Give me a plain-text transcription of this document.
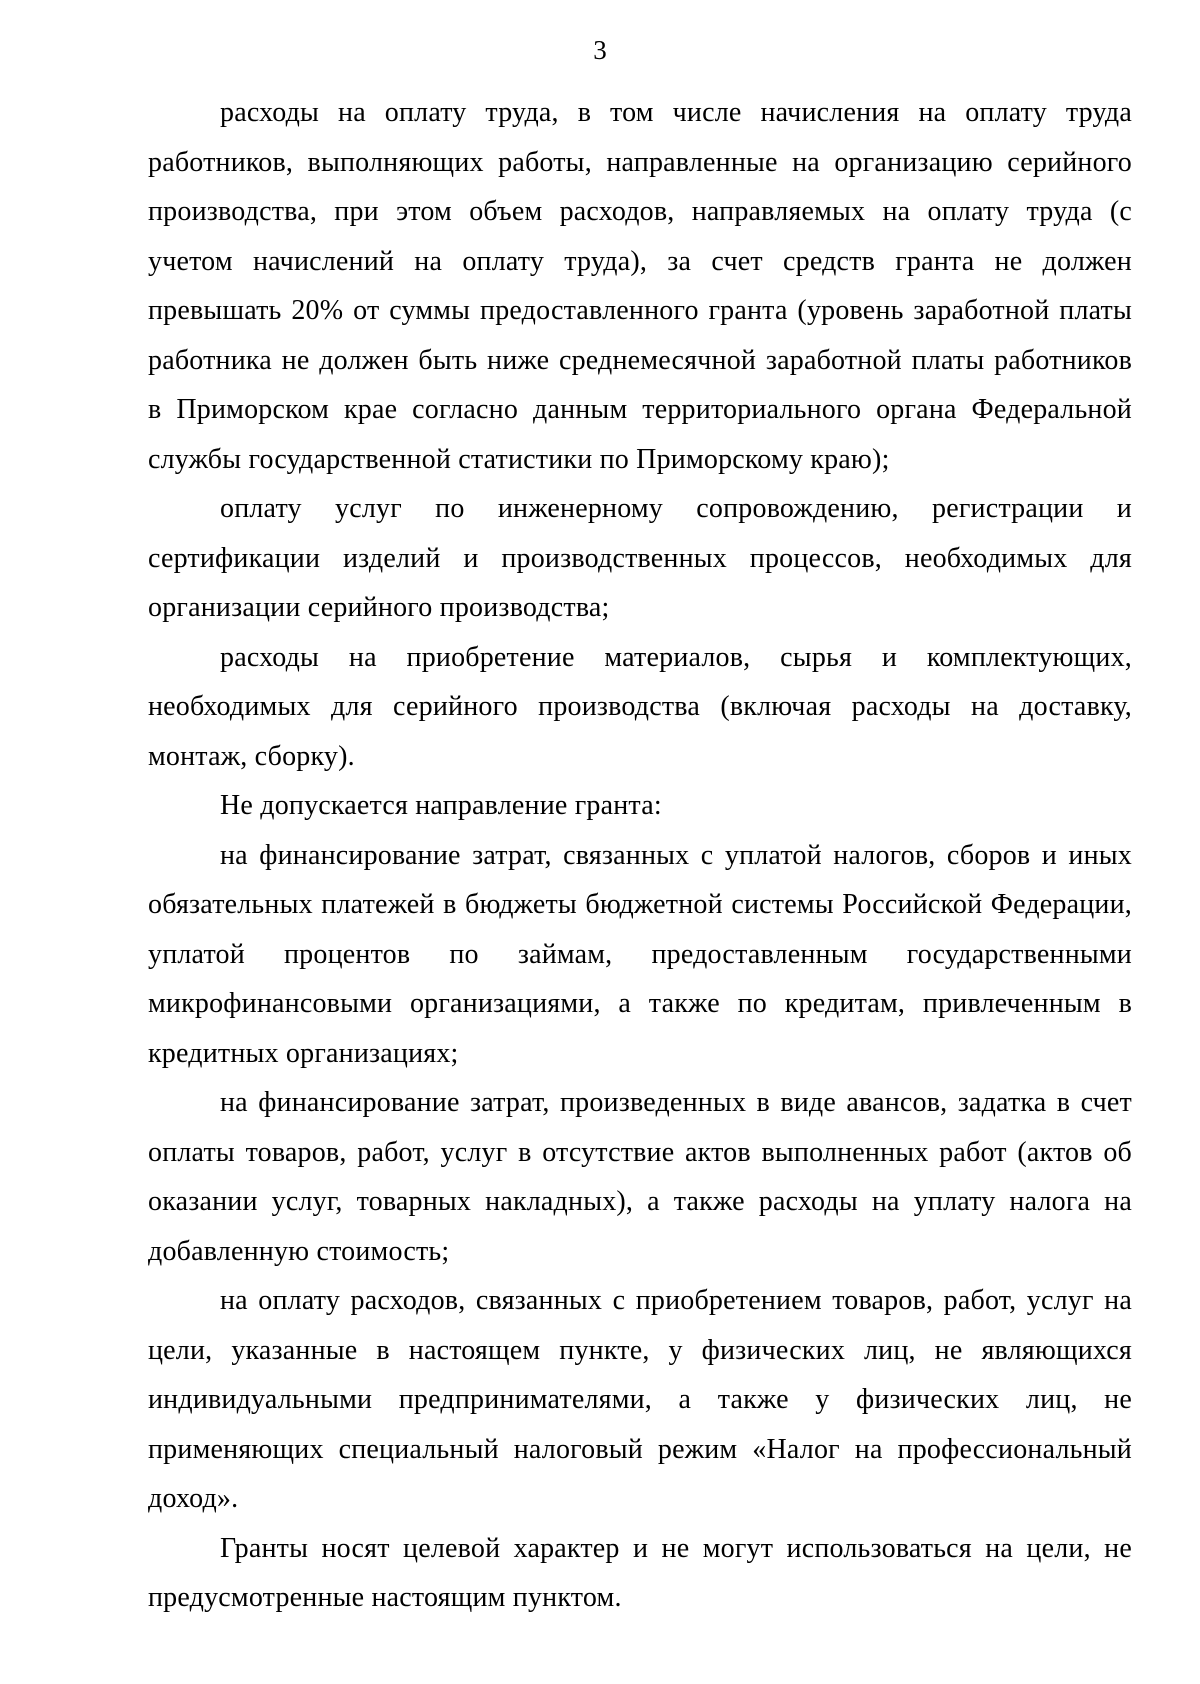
3

расходы на оплату труда, в том числе начисления на оплату труда работников, выполняющих работы, направленные на организацию серийного производства, при этом объем расходов, направляемых на оплату труда (с учетом начислений на оплату труда), за счет средств гранта не должен превышать 20% от суммы предоставленного гранта (уровень заработной платы работника не должен быть ниже среднемесячной заработной платы работников в Приморском крае согласно данным территориального органа Федеральной службы государственной статистики по Приморскому краю);

оплату услуг по инженерному сопровождению, регистрации и сертификации изделий и производственных процессов, необходимых для организации серийного производства;

расходы на приобретение материалов, сырья и комплектующих, необходимых для серийного производства (включая расходы на доставку, монтаж, сборку).

Не допускается направление гранта:

на финансирование затрат, связанных с уплатой налогов, сборов и иных обязательных платежей в бюджеты бюджетной системы Российской Федерации, уплатой процентов по займам, предоставленным государственными микрофинансовыми организациями, а также по кредитам, привлеченным в кредитных организациях;

на финансирование затрат, произведенных в виде авансов, задатка в счет оплаты товаров, работ, услуг в отсутствие актов выполненных работ (актов об оказании услуг, товарных накладных), а также расходы на уплату налога на добавленную стоимость;

на оплату расходов, связанных с приобретением товаров, работ, услуг на цели, указанные в настоящем пункте, у физических лиц, не являющихся индивидуальными предпринимателями, а также у физических лиц, не применяющих специальный налоговый режим «Налог на профессиональный доход».

Гранты носят целевой характер и не могут использоваться на цели, не предусмотренные настоящим пунктом.
